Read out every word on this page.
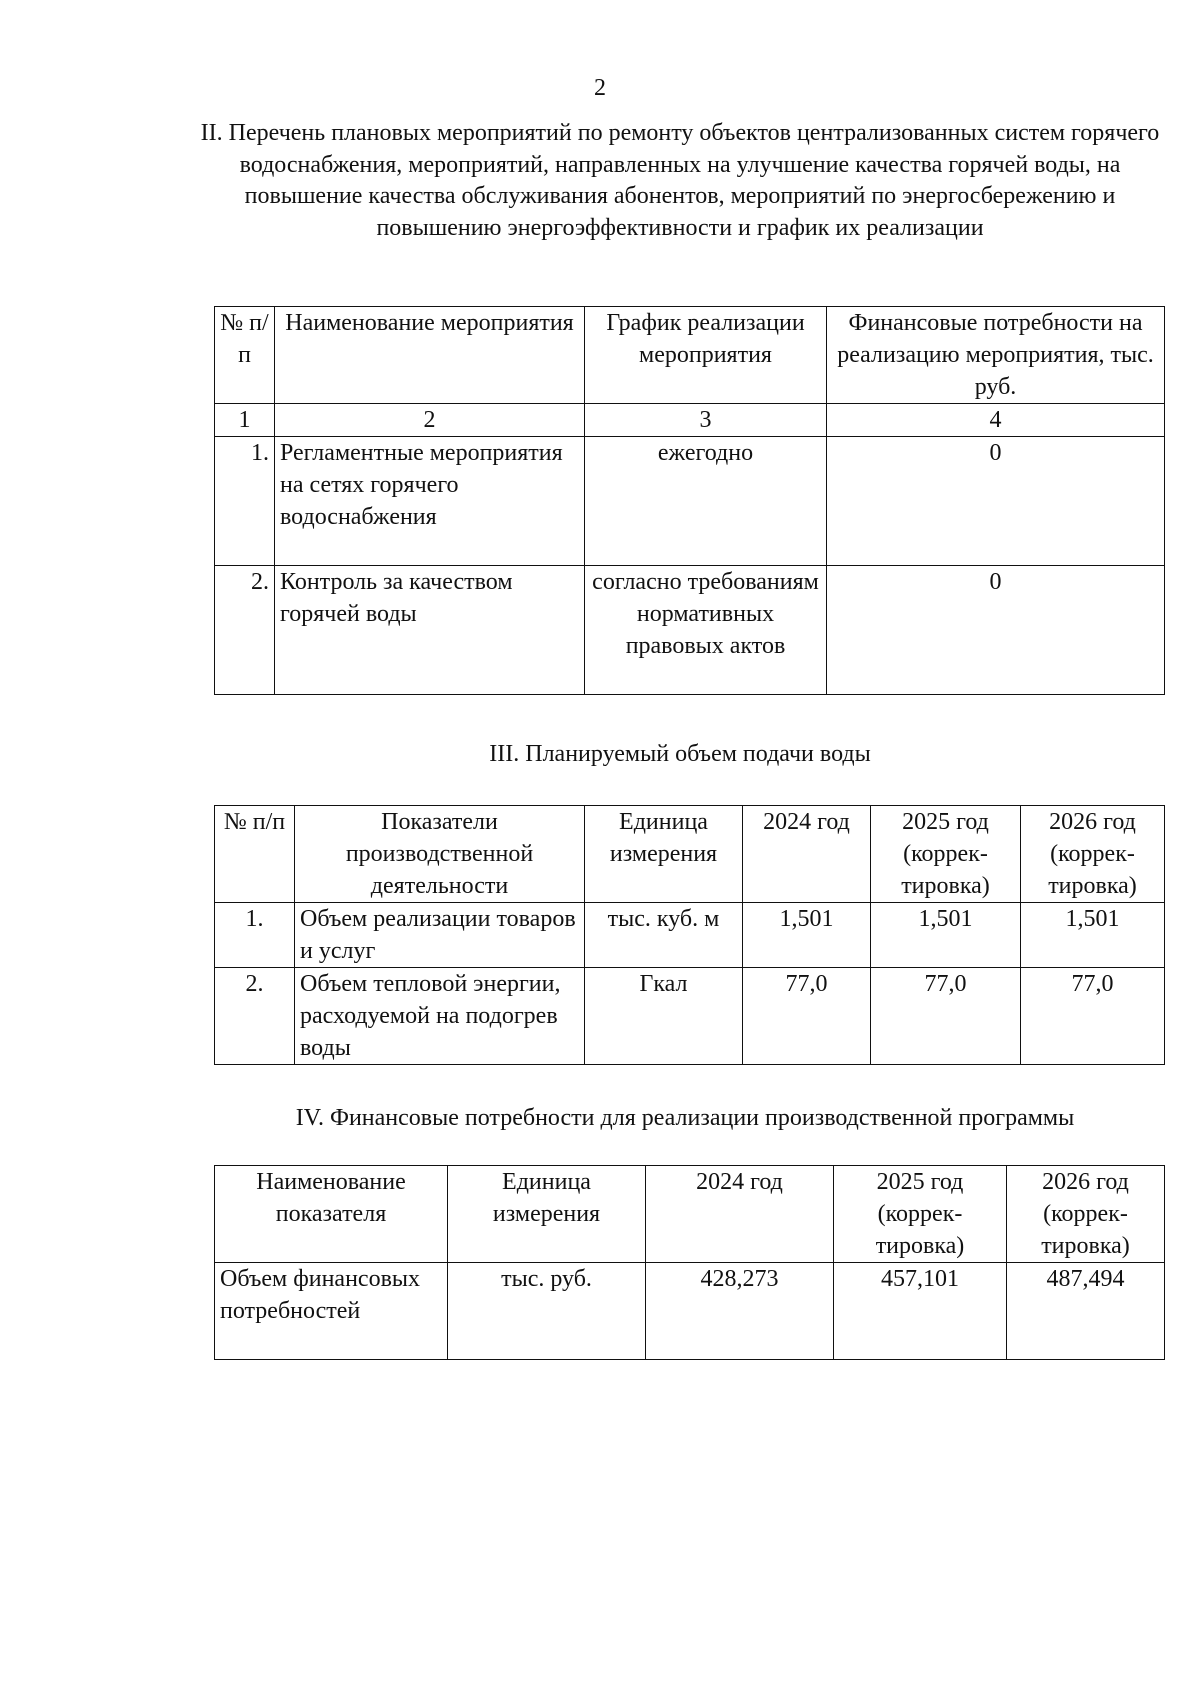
2
II. Перечень плановых мероприятий по ремонту объектов централизованных систем горячего водоснабжения, мероприятий, направленных на улучшение качества горячей воды, на повышение качества обслуживания абонентов, мероприятий по энергосбережению и повышению энергоэффективности и график их реализации
№ п/п	Наименование мероприятия	График реализации мероприятия	Финансовые потребности на реализацию мероприятия, тыс. руб.
1	2	3	4
1.	Регламентные мероприятия на сетях горячего водоснабжения	ежегодно	0
2.	Контроль за качеством горячей воды	согласно требованиям нормативных правовых актов	0
III. Планируемый объем подачи воды
№ п/п	Показатели производственной деятельности	Единица измерения	2024 год	2025 год (коррек-тировка)	2026 год (коррек-тировка)
1.	Объем реализации товаров и услуг	тыс. куб. м	1,501	1,501	1,501
2.	Объем тепловой энергии, расходуемой на подогрев воды	Гкал	77,0	77,0	77,0
IV. Финансовые потребности для реализации производственной программы
Наименование показателя	Единица измерения	2024 год	2025 год (коррек-тировка)	2026 год (коррек-тировка)
Объем финансовых потребностей	тыс. руб.	428,273	457,101	487,494
